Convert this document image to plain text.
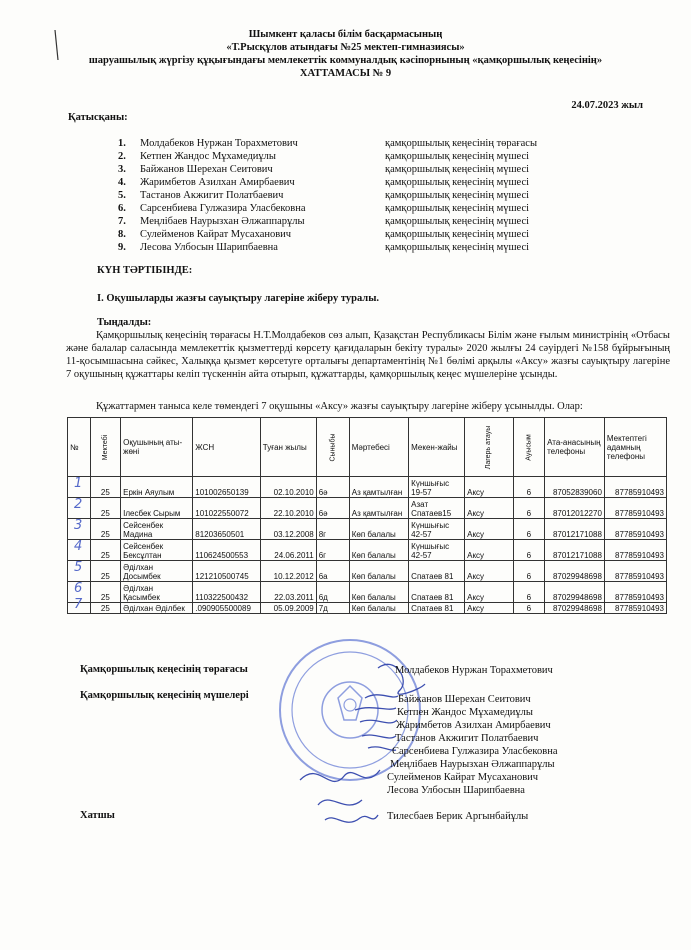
Шымкент қаласы білім басқармасының
«Т.Рысқұлов атындағы №25 мектеп-гимназиясы»
шаруашылық жүргізу құқығындағы мемлекеттік коммуналдық кәсіпорнының «қамқоршылық кеңесінің»
ХАТТАМАСЫ № 9
24.07.2023 жыл
Қатысқаны:
1. Молдабеков Нуржан Торахметович	қамқоршылық кеңесінің төрағасы
2. Кетпен Жандос Мұхамедиұлы	қамқоршылық кеңесінің мүшесі
3. Байжанов Шерехан Сеитович	қамқоршылық кеңесінің мүшесі
4. Жаримбетов Азилхан Амирбаевич	қамқоршылық кеңесінің мүшесі
5. Тастанов Акжигит Полатбаевич	қамқоршылық кеңесінің мүшесі
6. Сарсенбиева Гулжазира Уласбековна	қамқоршылық кеңесінің мүшесі
7. Меңлібаев Наурызхан Әлжаппарұлы	қамқоршылық кеңесінің мүшесі
8. Сулейменов Кайрат Мусаханович	қамқоршылық кеңесінің мүшесі
9. Лесова Улбосын Шарипбаевна	қамқоршылық кеңесінің мүшесі
КҮН ТӘРТІБІНДЕ:
І. Оқушыларды жазғы сауықтыру лагеріне жіберу туралы.
Тыңдалды:
Қамқоршылық кеңесінің төрағасы Н.Т.Молдабеков сөз алып, Қазақстан Республикасы Білім және ғылым министрінің «Отбасы және балалар саласында мемлекеттік қызметтерді көрсету қағидаларын бекіту туралы» 2020 жылғы 24 сәуірдегі №158 бұйрығының 11-қосымшасына сәйкес, Халыққа қызмет көрсетуге орталығы департаментінің №1 бөлімі арқылы «Аксу» жазғы сауықтыру лагеріне 7 оқушының құжаттары келіп түскеннін айта отырып, құжаттарды, қамқоршылық кеңес мүшелеріне ұсынды.
Құжаттармен таныса келе төмендегі 7 оқушыны «Аксу» жазғы сауықтыру лагеріне жіберу ұсынылды. Олар:
№	Мектебі	Оқушының аты-жөні	ЖСН	Туған жылы	Сыныбы	Мәртебесі	Мекен-жайы	Лагерь атауы	Ауысым	Ата-анасының телефоны	Мектептегі адамның телефоны

1	25	Еркін Аяулым	101002650139	02.10.2010	6ә	Аз қамтылған	Күншығыс 19-57	Аксу	6	87052839060	87785910493

2	25	Ілесбек Сырым	101022550072	22.10.2010	6ә	Аз қамтылған	Азат Спатаев15	Аксу	6	87012012270	87785910493

3	25	Сейсенбек Мадина	81203650501	03.12.2008	8г	Көп балалы	Күншығыс 42-57	Аксу	6	87012171088	87785910493

4	25	Сейсенбек Бексұлтан	110624500553	24.06.2011	6г	Көп балалы	Күншығыс 42-57	Аксу	6	87012171088	87785910493

5	25	Әділхан Досымбек	121210500745	10.12.2012	6а	Көп балалы	Спатаев 81	Аксу	6	87029948698	87785910493

6	25	Әділхан Қасымбек	110322500432	22.03.2011	6д	Көп балалы	Спатаев 81	Аксу	6	87029948698	87785910493

7	25	Әділхан Әділбек	.090905500089	05.09.2009	7д	Көп балалы	Спатаев 81	Аксу	6	87029948698	87785910493
Қамқоршылық кеңесінің төрағасы	Молдабеков Нуржан Торахметович
Қамқоршылық кеңесінің мүшелері	Байжанов Шерехан Сеитович
Кетпен Жандос Мұхамедиұлы
Жаримбетов Азилхан Амирбаевич
Тастанов Акжигит Полатбаевич
Сарсенбиева Гулжазира Уласбековна
Меңлібаев Наурызхан Әлжаппарұлы
Сулейменов Кайрат Мусаханович
Лесова Улбосын Шарипбаевна
Хатшы	Тилесбаев Берик Аргынбайұлы
